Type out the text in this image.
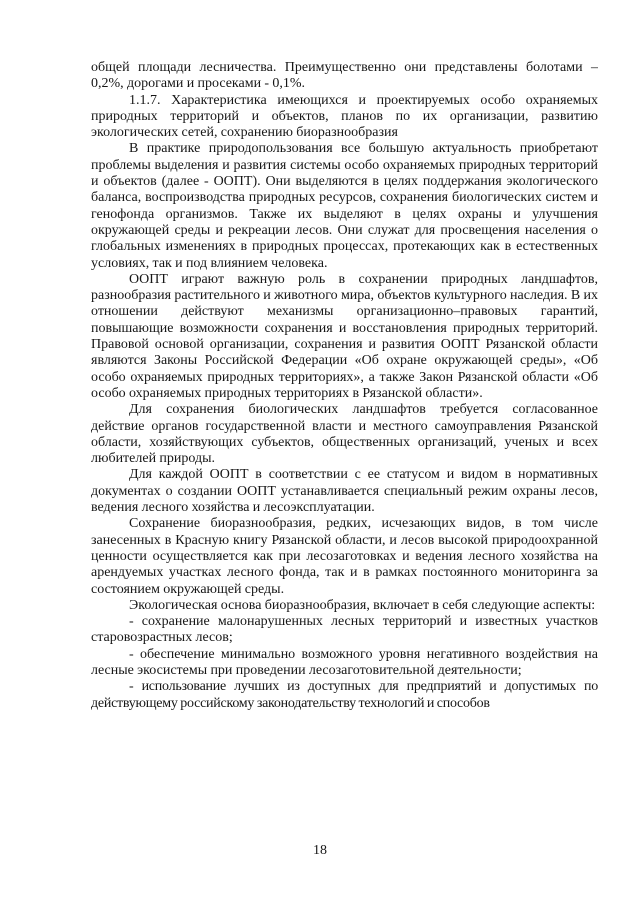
общей площади лесничества. Преимущественно они представлены болотами – 0,2%, дорогами и просеками - 0,1%.

1.1.7. Характеристика имеющихся и проектируемых особо охраняемых природных территорий и объектов, планов по их организации, развитию экологических сетей, сохранению биоразнообразия

В практике природопользования все большую актуальность приобретают проблемы выделения и развития системы особо охраняемых природных территорий и объектов (далее - ООПТ). Они выделяются в целях поддержания экологического баланса, воспроизводства природных ресурсов, сохранения биологических систем и генофонда организмов. Также их выделяют в целях охраны и улучшения окружающей среды и рекреации лесов. Они служат для просвещения населения о глобальных изменениях в природных процессах, протекающих как в естественных условиях, так и под влиянием человека.

ООПТ играют важную роль в сохранении природных ландшафтов, разнообразия растительного и животного мира, объектов культурного наследия. В их отношении действуют механизмы организационно–правовых гарантий, повышающие возможности сохранения и восстановления природных территорий. Правовой основой организации, сохранения и развития ООПТ Рязанской области являются Законы Российской Федерации «Об охране окружающей среды», «Об особо охраняемых природных территориях», а также Закон Рязанской области «Об особо охраняемых природных территориях в Рязанской области».

Для сохранения биологических ландшафтов требуется согласованное действие органов государственной власти и местного самоуправления Рязанской области, хозяйствующих субъектов, общественных организаций, ученых и всех любителей природы.

Для каждой ООПТ в соответствии с ее статусом и видом в нормативных документах о создании ООПТ устанавливается специальный режим охраны лесов, ведения лесного хозяйства и лесоэксплуатации.

Сохранение биоразнообразия, редких, исчезающих видов, в том числе занесенных в Красную книгу Рязанской области, и лесов высокой природоохранной ценности осуществляется как при лесозаготовках и ведения лесного хозяйства на арендуемых участках лесного фонда, так и в рамках постоянного мониторинга за состоянием окружающей среды.

Экологическая основа биоразнообразия, включает в себя следующие аспекты:

- сохранение малонарушенных лесных территорий и известных участков старовозрастных лесов;

- обеспечение минимально возможного уровня негативного воздействия на лесные экосистемы при проведении лесозаготовительной деятельности;

- использование лучших из доступных для предприятий и допустимых по действующему российскому законодательству технологий и способов

18
